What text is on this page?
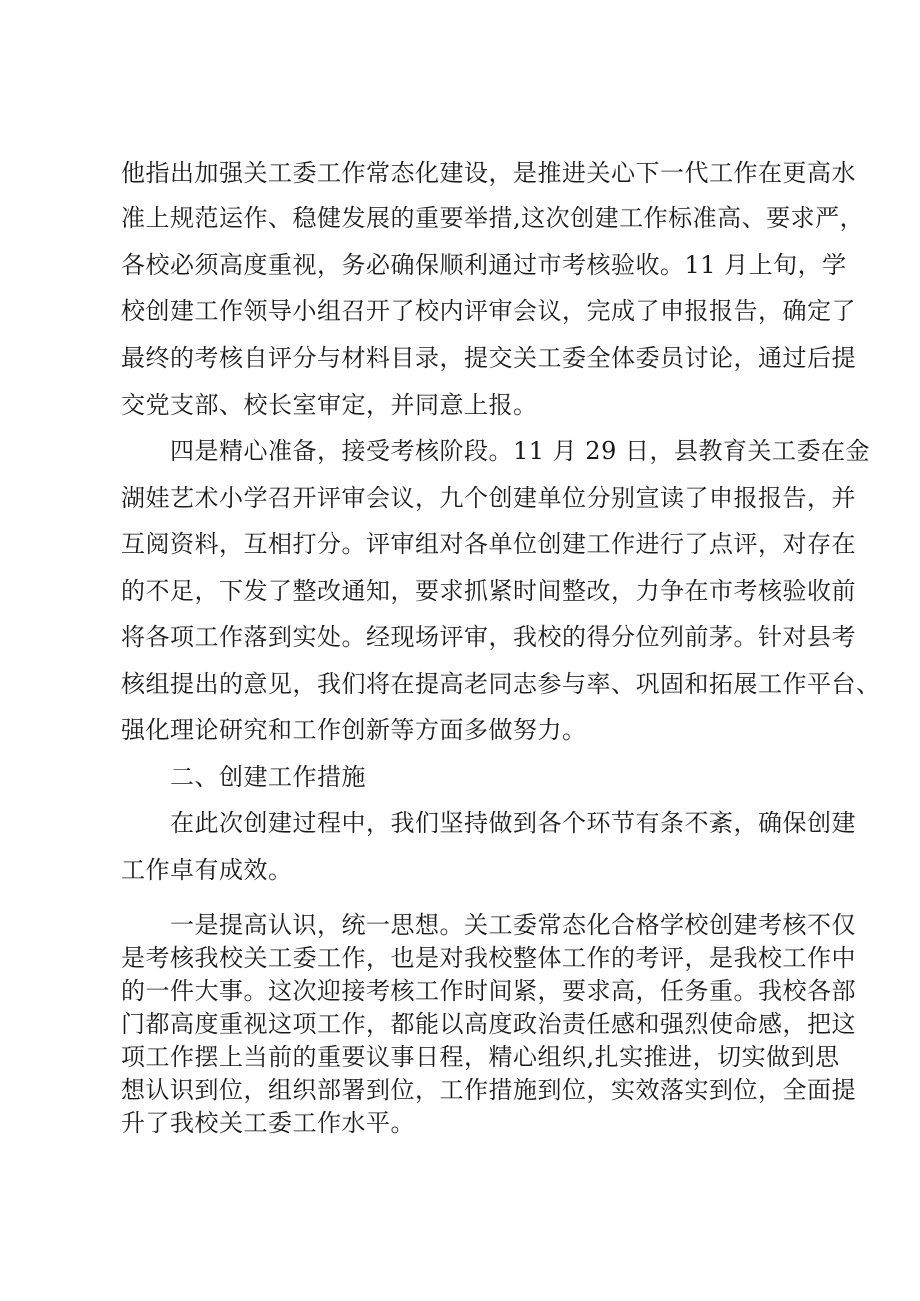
他指出加强关工委工作常态化建设，是推进关心下一代工作在更高水
准上规范运作、稳健发展的重要举措,这次创建工作标准高、要求严，
各校必须高度重视，务必确保顺利通过市考核验收。11 月上旬，学
校创建工作领导小组召开了校内评审会议，完成了申报报告，确定了
最终的考核自评分与材料目录，提交关工委全体委员讨论，通过后提
交党支部、校长室审定，并同意上报。
四是精心准备，接受考核阶段。11 月 29 日，县教育关工委在金
湖娃艺术小学召开评审会议，九个创建单位分别宣读了申报报告，并
互阅资料，互相打分。评审组对各单位创建工作进行了点评，对存在
的不足，下发了整改通知，要求抓紧时间整改，力争在市考核验收前
将各项工作落到实处。经现场评审，我校的得分位列前茅。针对县考
核组提出的意见，我们将在提高老同志参与率、巩固和拓展工作平台、
强化理论研究和工作创新等方面多做努力。
二、创建工作措施
在此次创建过程中，我们坚持做到各个环节有条不紊，确保创建
工作卓有成效。
一是提高认识，统一思想。关工委常态化合格学校创建考核不仅
是考核我校关工委工作，也是对我校整体工作的考评，是我校工作中
的一件大事。这次迎接考核工作时间紧，要求高，任务重。我校各部
门都高度重视这项工作，都能以高度政治责任感和强烈使命感，把这
项工作摆上当前的重要议事日程，精心组织,扎实推进，切实做到思
想认识到位，组织部署到位，工作措施到位，实效落实到位，全面提
升了我校关工委工作水平。
